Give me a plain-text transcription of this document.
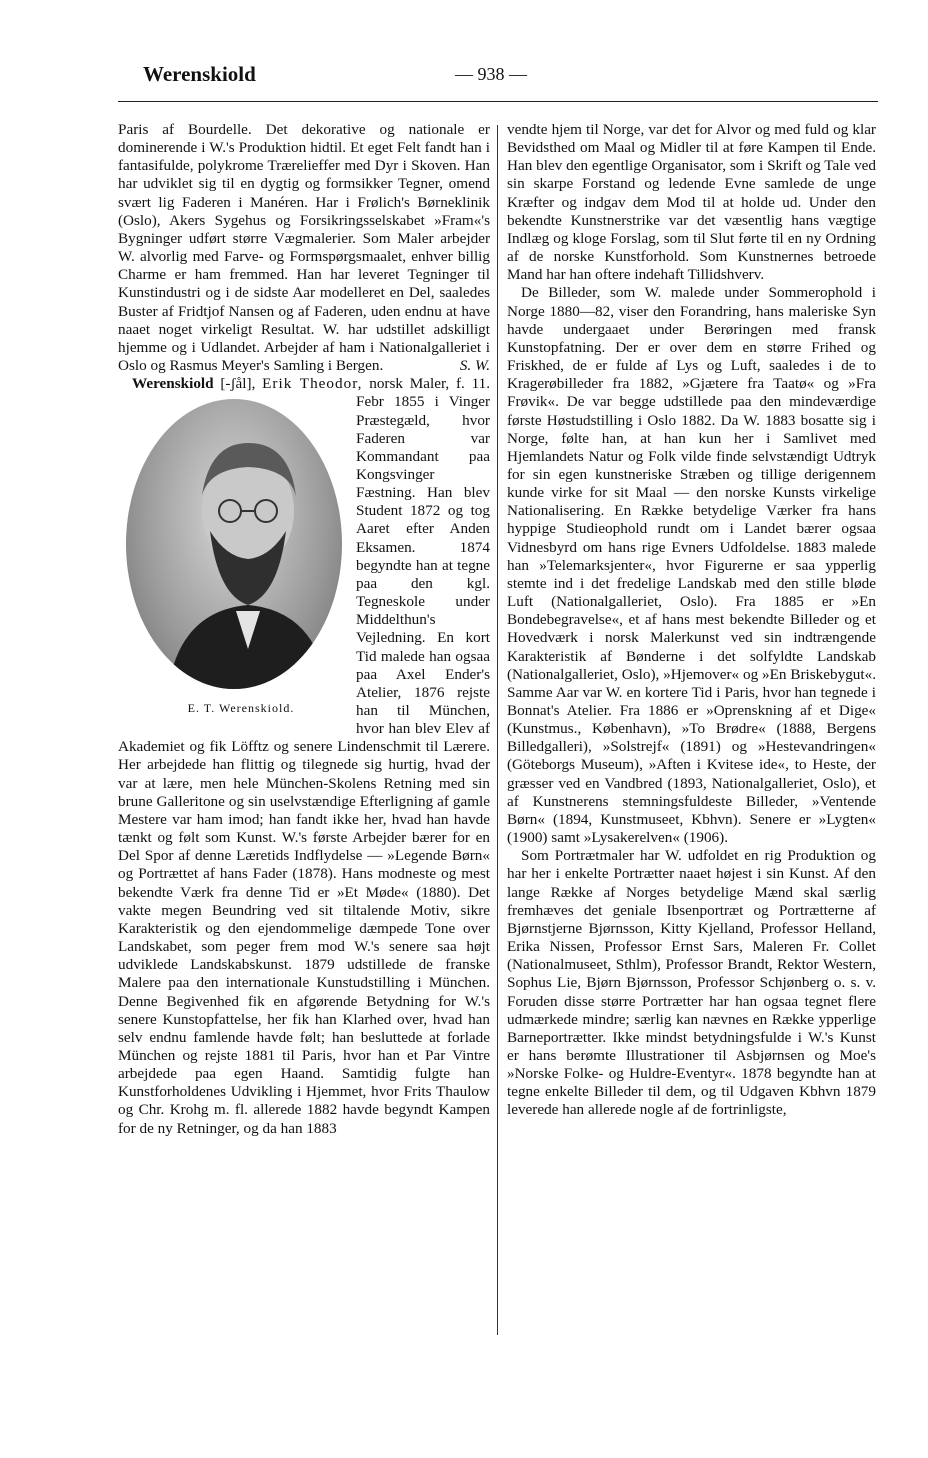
Werenskiold	— 938 —

Paris af Bourdelle. Det dekorative og nationale er dominerende i W.'s Produktion hidtil. Et eget Felt fandt han i fantasifulde, polykrome Trærelieffer med Dyr i Skoven. Han har udviklet sig til en dygtig og formsikker Tegner, omend svært lig Faderen i Manéren. Har i Frølich's Børneklinik (Oslo), Akers Sygehus og Forsikringsselskabet »Fram«'s Bygninger udført større Vægmalerier. Som Maler arbejder W. alvorlig med Farve- og Formspørgsmaalet, enhver billig Charme er ham fremmed. Han har leveret Tegninger til Kunstindustri og i de sidste Aar modelleret en Del, saaledes Buster af Fridtjof Nansen og af Faderen, uden endnu at have naaet noget virkeligt Resultat. W. har udstillet adskilligt hjemme og i Udlandet. Arbejder af ham i Nationalgalleriet i Oslo og Rasmus Meyer's Samling i Bergen.	S. W.

Werenskiold [-ʃål], Erik Theodor,
E. T. Werenskiold.
norsk Maler, f. 11. Febr 1855 i Vinger Præstegæld, hvor Faderen var Kommandant paa Kongsvinger Fæstning. Han blev Student 1872 og tog Aaret efter Anden Eksamen. 1874 begyndte han at tegne paa den kgl. Tegneskole under Middelthun's Vejledning. En kort Tid malede han ogsaa paa Axel Ender's Atelier, 1876 rejste han til München, hvor han blev Elev af Akademiet og fik Löfftz og senere Lindenschmit til Lærere. Her arbejdede han flittig og tilegnede sig hurtig, hvad der var at lære, men hele München-Skolens Retning med sin brune Galleritone og sin uselvstændige Efterligning af gamle Mestere var ham imod; han fandt ikke her, hvad han havde tænkt og følt som Kunst. W.'s første Arbejder bærer for en Del Spor af denne Læretids Indflydelse — »Legende Børn« og Portrættet af hans Fader (1878). Hans modneste og mest bekendte Værk fra denne Tid er »Et Møde« (1880). Det vakte megen Beundring ved sit tiltalende Motiv, sikre Karakteristik og den ejendommelige dæmpede Tone over Landskabet, som peger frem mod W.'s senere saa højt udviklede Landskabskunst. 1879 udstillede de franske Malere paa den internationale Kunstudstilling i München. Denne Begivenhed fik en afgørende Betydning for W.'s senere Kunstopfattelse, her fik han Klarhed over, hvad han selv endnu famlende havde følt; han besluttede at forlade München og rejste 1881 til Paris, hvor han et Par Vintre arbejdede paa egen Haand. Samtidig fulgte han Kunstforholdenes Udvikling i Hjemmet, hvor Frits Thaulow og Chr. Krohg m. fl. allerede 1882 havde begyndt Kampen for de ny Retninger, og da han 1883

vendte hjem til Norge, var det for Alvor og med fuld og klar Bevidsthed om Maal og Midler til at føre Kampen til Ende. Han blev den egentlige Organisator, som i Skrift og Tale ved sin skarpe Forstand og ledende Evne samlede de unge Kræfter og indgav dem Mod til at holde ud. Under den bekendte Kunstnerstrike var det væsentlig hans vægtige Indlæg og kloge Forslag, som til Slut førte til en ny Ordning af de norske Kunstforhold. Som Kunstnernes betroede Mand har han oftere indehaft Tillidshverv.

De Billeder, som W. malede under Sommerophold i Norge 1880—82, viser den Forandring, hans maleriske Syn havde undergaaet under Berøringen med fransk Kunstopfatning. Der er over dem en større Frihed og Friskhed, de er fulde af Lys og Luft, saaledes i de to Kragerøbilleder fra 1882, »Gjætere fra Taatø« og »Fra Frøvik«. De var begge udstillede paa den mindeværdige første Høstudstilling i Oslo 1882. Da W. 1883 bosatte sig i Norge, følte han, at han kun her i Samlivet med Hjemlandets Natur og Folk vilde finde selvstændigt Udtryk for sin egen kunstneriske Stræben og tillige derigennem kunde virke for sit Maal — den norske Kunsts virkelige Nationalisering. En Række betydelige Værker fra hans hyppige Studieophold rundt om i Landet bærer ogsaa Vidnesbyrd om hans rige Evners Udfoldelse. 1883 malede han »Telemarksjenter«, hvor Figurerne er saa ypperlig stemte ind i det fredelige Landskab med den stille bløde Luft (Nationalgalleriet, Oslo). Fra 1885 er »En Bondebegravelse«, et af hans mest bekendte Billeder og et Hovedværk i norsk Malerkunst ved sin indtrængende Karakteristik af Bønderne i det solfyldte Landskab (Nationalgalleriet, Oslo), »Hjemover« og »En Briskebygut«. Samme Aar var W. en kortere Tid i Paris, hvor han tegnede i Bonnat's Atelier. Fra 1886 er »Oprenskning af et Dige« (Kunstmus., København), »To Brødre« (1888, Bergens Billedgalleri), »Solstrejf« (1891) og »Hestevandringen« (Göteborgs Museum), »Aften i Kvitese ide«, to Heste, der græsser ved en Vandbred (1893, Nationalgalleriet, Oslo), et af Kunstnerens stemningsfuldeste Billeder, »Ventende Børn« (1894, Kunstmuseet, Kbhvn). Senere er »Lygten« (1900) samt »Lysakerelven« (1906).

Som Portrætmaler har W. udfoldet en rig Produktion og har her i enkelte Portrætter naaet højest i sin Kunst. Af den lange Række af Norges betydelige Mænd skal særlig fremhæves det geniale Ibsenportræt og Portrætterne af Bjørnstjerne Bjørnsson, Kitty Kjelland, Professor Helland, Erika Nissen, Professor Ernst Sars, Maleren Fr. Collet (Nationalmuseet, Sthlm), Professor Brandt, Rektor Western, Sophus Lie, Bjørn Bjørnsson, Professor Schjønberg o. s. v. Foruden disse større Portrætter har han ogsaa tegnet flere udmærkede mindre; særlig kan nævnes en Række ypperlige Barneportrætter. Ikke mindst betydningsfulde i W.'s Kunst er hans berømte Illustrationer til Asbjørnsen og Moe's »Norske Folke- og Huldre-Eventyr«. 1878 begyndte han at tegne enkelte Billeder til dem, og til Udgaven Kbhvn 1879 leverede han allerede nogle af de fortrinligste,
